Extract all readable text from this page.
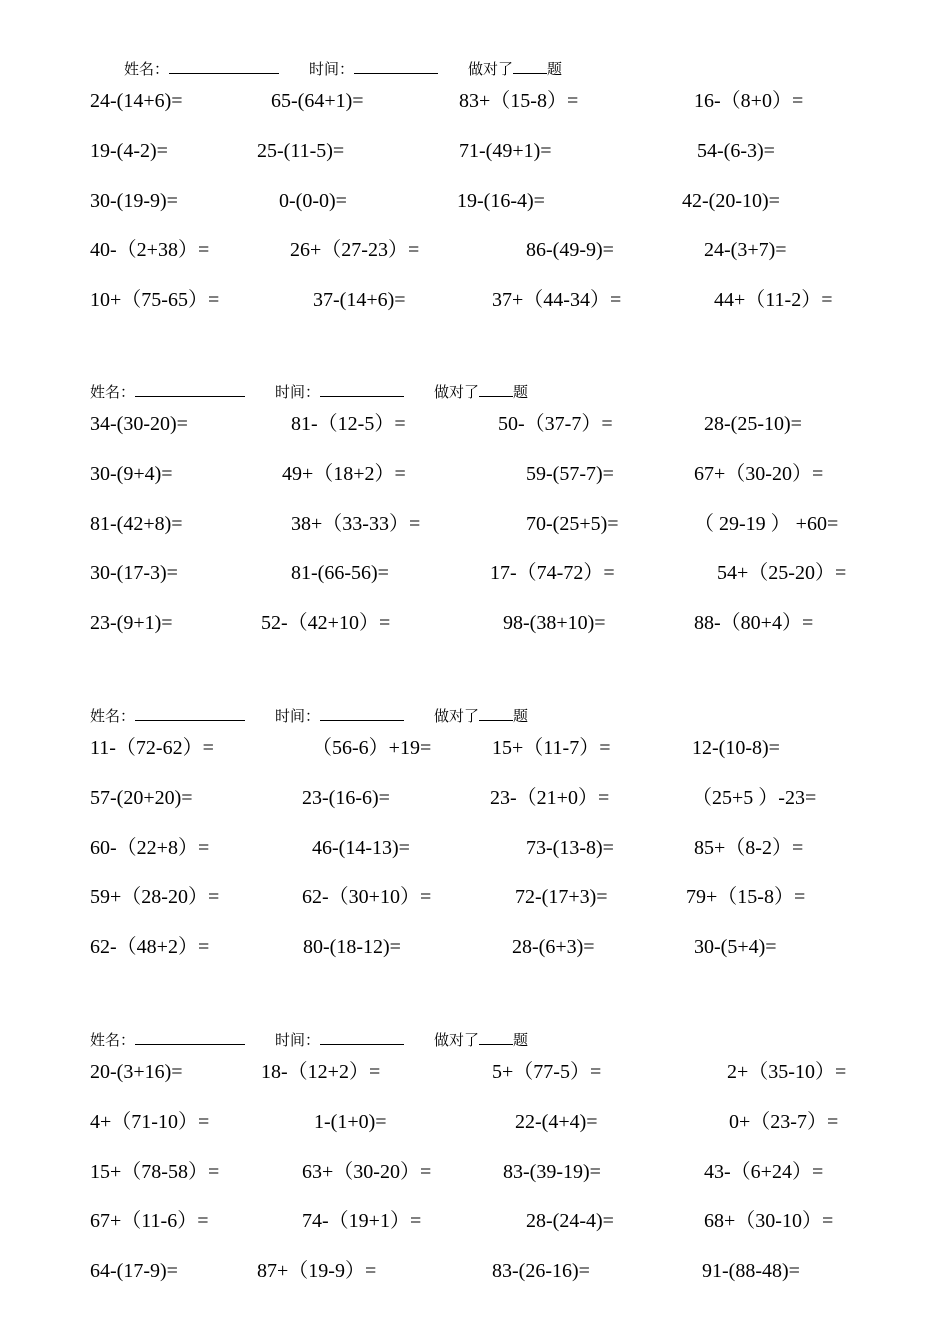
姓名：	时间：	做对了 题
24-(14+6)=	65-(64+1)=	83+（15-8）=	16-（8+0）=
19-(4-2)=	25-(11-5)=	71-(49+1)=	54-(6-3)=
30-(19-9)=	0-(0-0)=	19-(16-4)=	42-(20-10)=
40-（2+38）=	26+（27-23）=	86-(49-9)=	24-(3+7)=
10+（75-65）=	37-(14+6)=	37+（44-34）=	44+（11-2）=
姓名：	时间：	做对了 题
34-(30-20)=	81-（12-5）=	50-（37-7）=	28-(25-10)=
30-(9+4)=	49+（18+2）=	59-(57-7)=	67+（30-20）=
81-(42+8)=	38+（33-33）=	70-(25+5)=	（ 29-19 ） +60=
30-(17-3)=	81-(66-56)=	17-（74-72）=	54+（25-20）=
23-(9+1)=	52-（42+10）=	98-(38+10)=	88-（80+4）=
姓名：	时间：	做对了 题
11-（72-62）=	（56-6）+19=	15+（11-7）=	12-(10-8)=
57-(20+20)=	23-(16-6)=	23-（21+0）=	（25+5 ）-23=
60-（22+8）=	46-(14-13)=	73-(13-8)=	85+（8-2）=
59+（28-20）=	62-（30+10）=	72-(17+3)=	79+（15-8）=
62-（48+2）=	80-(18-12)=	28-(6+3)=	30-(5+4)=
姓名：	时间：	做对了 题
20-(3+16)=	18-（12+2）=	5+（77-5）=	2+（35-10）=
4+（71-10）=	1-(1+0)=	22-(4+4)=	0+（23-7）=
15+（78-58）=	63+（30-20）=	83-(39-19)=	43-（6+24）=
67+（11-6）=	74-（19+1）=	28-(24-4)=	68+（30-10）=
64-(17-9)=	87+（19-9）=	83-(26-16)=	91-(88-48)=
